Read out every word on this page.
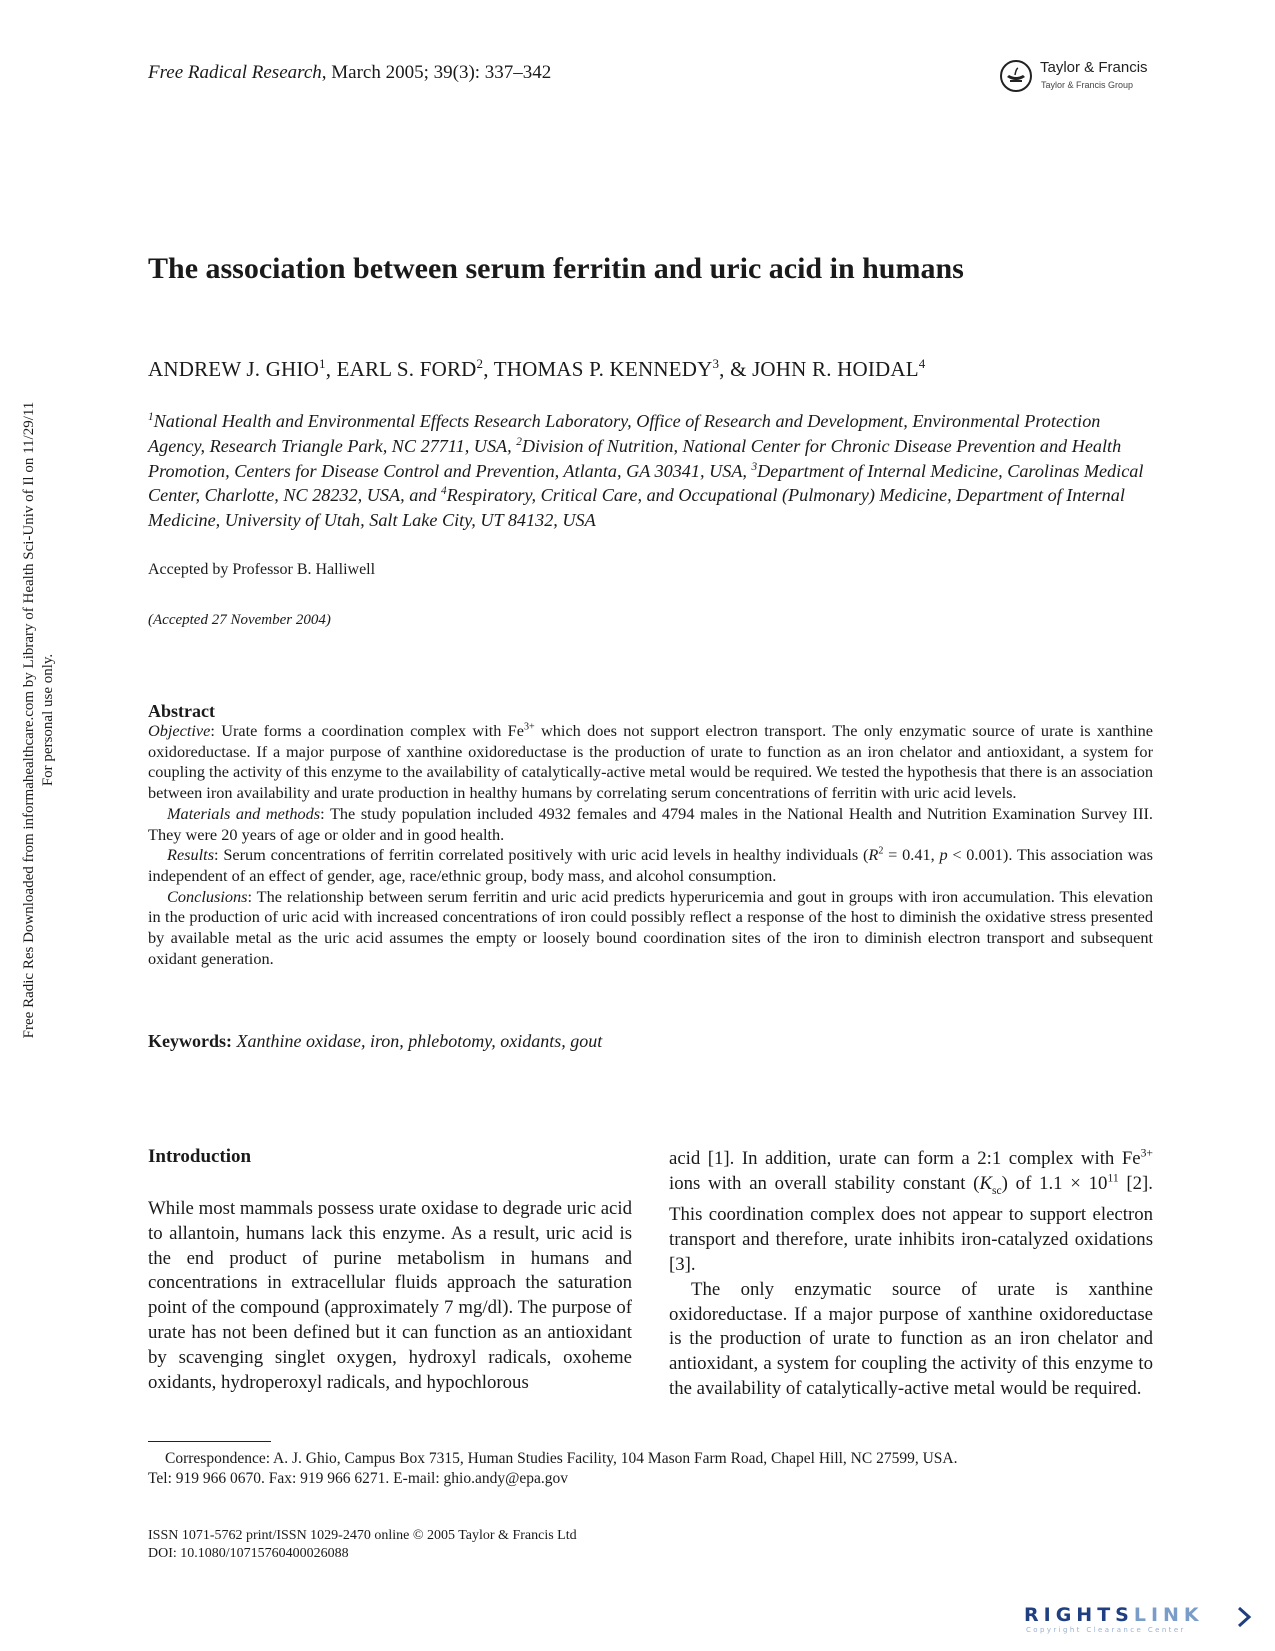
Free Radical Research, March 2005; 39(3): 337–342	Taylor & Francis
Taylor & Francis Group
Free Radic Res Downloaded from informahealthcare.com by Library of Health Sci-Univ of Il on 11/29/11 For personal use only.
The association between serum ferritin and uric acid in humans
ANDREW J. GHIO$^1$, EARL S. FORD$^2$, THOMAS P. KENNEDY$^3$, & JOHN R. HOIDAL$^4$
$^1$National Health and Environmental Effects Research Laboratory, Office of Research and Development, Environmental Protection Agency, Research Triangle Park, NC 27711, USA, $^2$Division of Nutrition, National Center for Chronic Disease Prevention and Health Promotion, Centers for Disease Control and Prevention, Atlanta, GA 30341, USA, $^3$Department of Internal Medicine, Carolinas Medical Center, Charlotte, NC 28232, USA, and $^4$Respiratory, Critical Care, and Occupational (Pulmonary) Medicine, Department of Internal Medicine, University of Utah, Salt Lake City, UT 84132, USA
Accepted by Professor B. Halliwell
(Accepted 27 November 2004)
Abstract

Objective: Urate forms a coordination complex with $Fe^{3+}$ which does not support electron transport. The only enzymatic source of urate is xanthine oxidoreductase. If a major purpose of xanthine oxidoreductase is the production of urate to function as an iron chelator and antioxidant, a system for coupling the activity of this enzyme to the availability of catalytically-active metal would be required. We tested the hypothesis that there is an association between iron availability and urate production in healthy humans by correlating serum concentrations of ferritin with uric acid levels.

Materials and methods: The study population included 4932 females and 4794 males in the National Health and Nutrition Examination Survey III. They were 20 years of age or older and in good health.

Results: Serum concentrations of ferritin correlated positively with uric acid levels in healthy individuals ($R^2 = 0.41$, p < 0.001). This association was independent of an effect of gender, age, race/ethnic group, body mass, and alcohol consumption.

Conclusions: The relationship between serum ferritin and uric acid predicts hyperuricemia and gout in groups with iron accumulation. This elevation in the production of uric acid with increased concentrations of iron could possibly reflect a response of the host to diminish the oxidative stress presented by available metal as the uric acid assumes the empty or loosely bound coordination sites of the iron to diminish electron transport and subsequent oxidant generation.

Keywords: Xanthine oxidase, iron, phlebotomy, oxidants, gout
Introduction

While most mammals possess urate oxidase to degrade uric acid to allantoin, humans lack this enzyme. As a result, uric acid is the end product of purine metabolism in humans and concentrations in extracellular fluids approach the saturation point of the compound (approximately 7 mg/dl). The purpose of urate has not been defined but it can function as an antioxidant by scavenging singlet oxygen, hydroxyl radicals, oxoheme oxidants, hydroperoxyl radicals, and hypochlorous

acid [1]. In addition, urate can form a 2:1 complex with $Fe^{3+}$ ions with an overall stability constant $(K_{sc})$ of $1.1 \times 10^{11}$ [2]. This coordination complex does not appear to support electron transport and therefore, urate inhibits iron-catalyzed oxidations [3].

The only enzymatic source of urate is xanthine oxidoreductase. If a major purpose of xanthine oxidoreductase is the production of urate to function as an iron chelator and antioxidant, a system for coupling the activity of this enzyme to the availability of catalytically-active metal would be required.

Correspondence: A. J. Ghio, Campus Box 7315, Human Studies Facility, 104 Mason Farm Road, Chapel Hill, NC 27599, USA.

Tel: 919 966 0670. Fax: 919 966 6271. E-mail: ghio.andy@epa.gov

ISSN 1071-5762 print/ISSN 1029-2470 online © 2005 Taylor & Francis Ltd
DOI: 10.1080/10715760400026088
RIGHTSLINK
Copyright Clearance Center
